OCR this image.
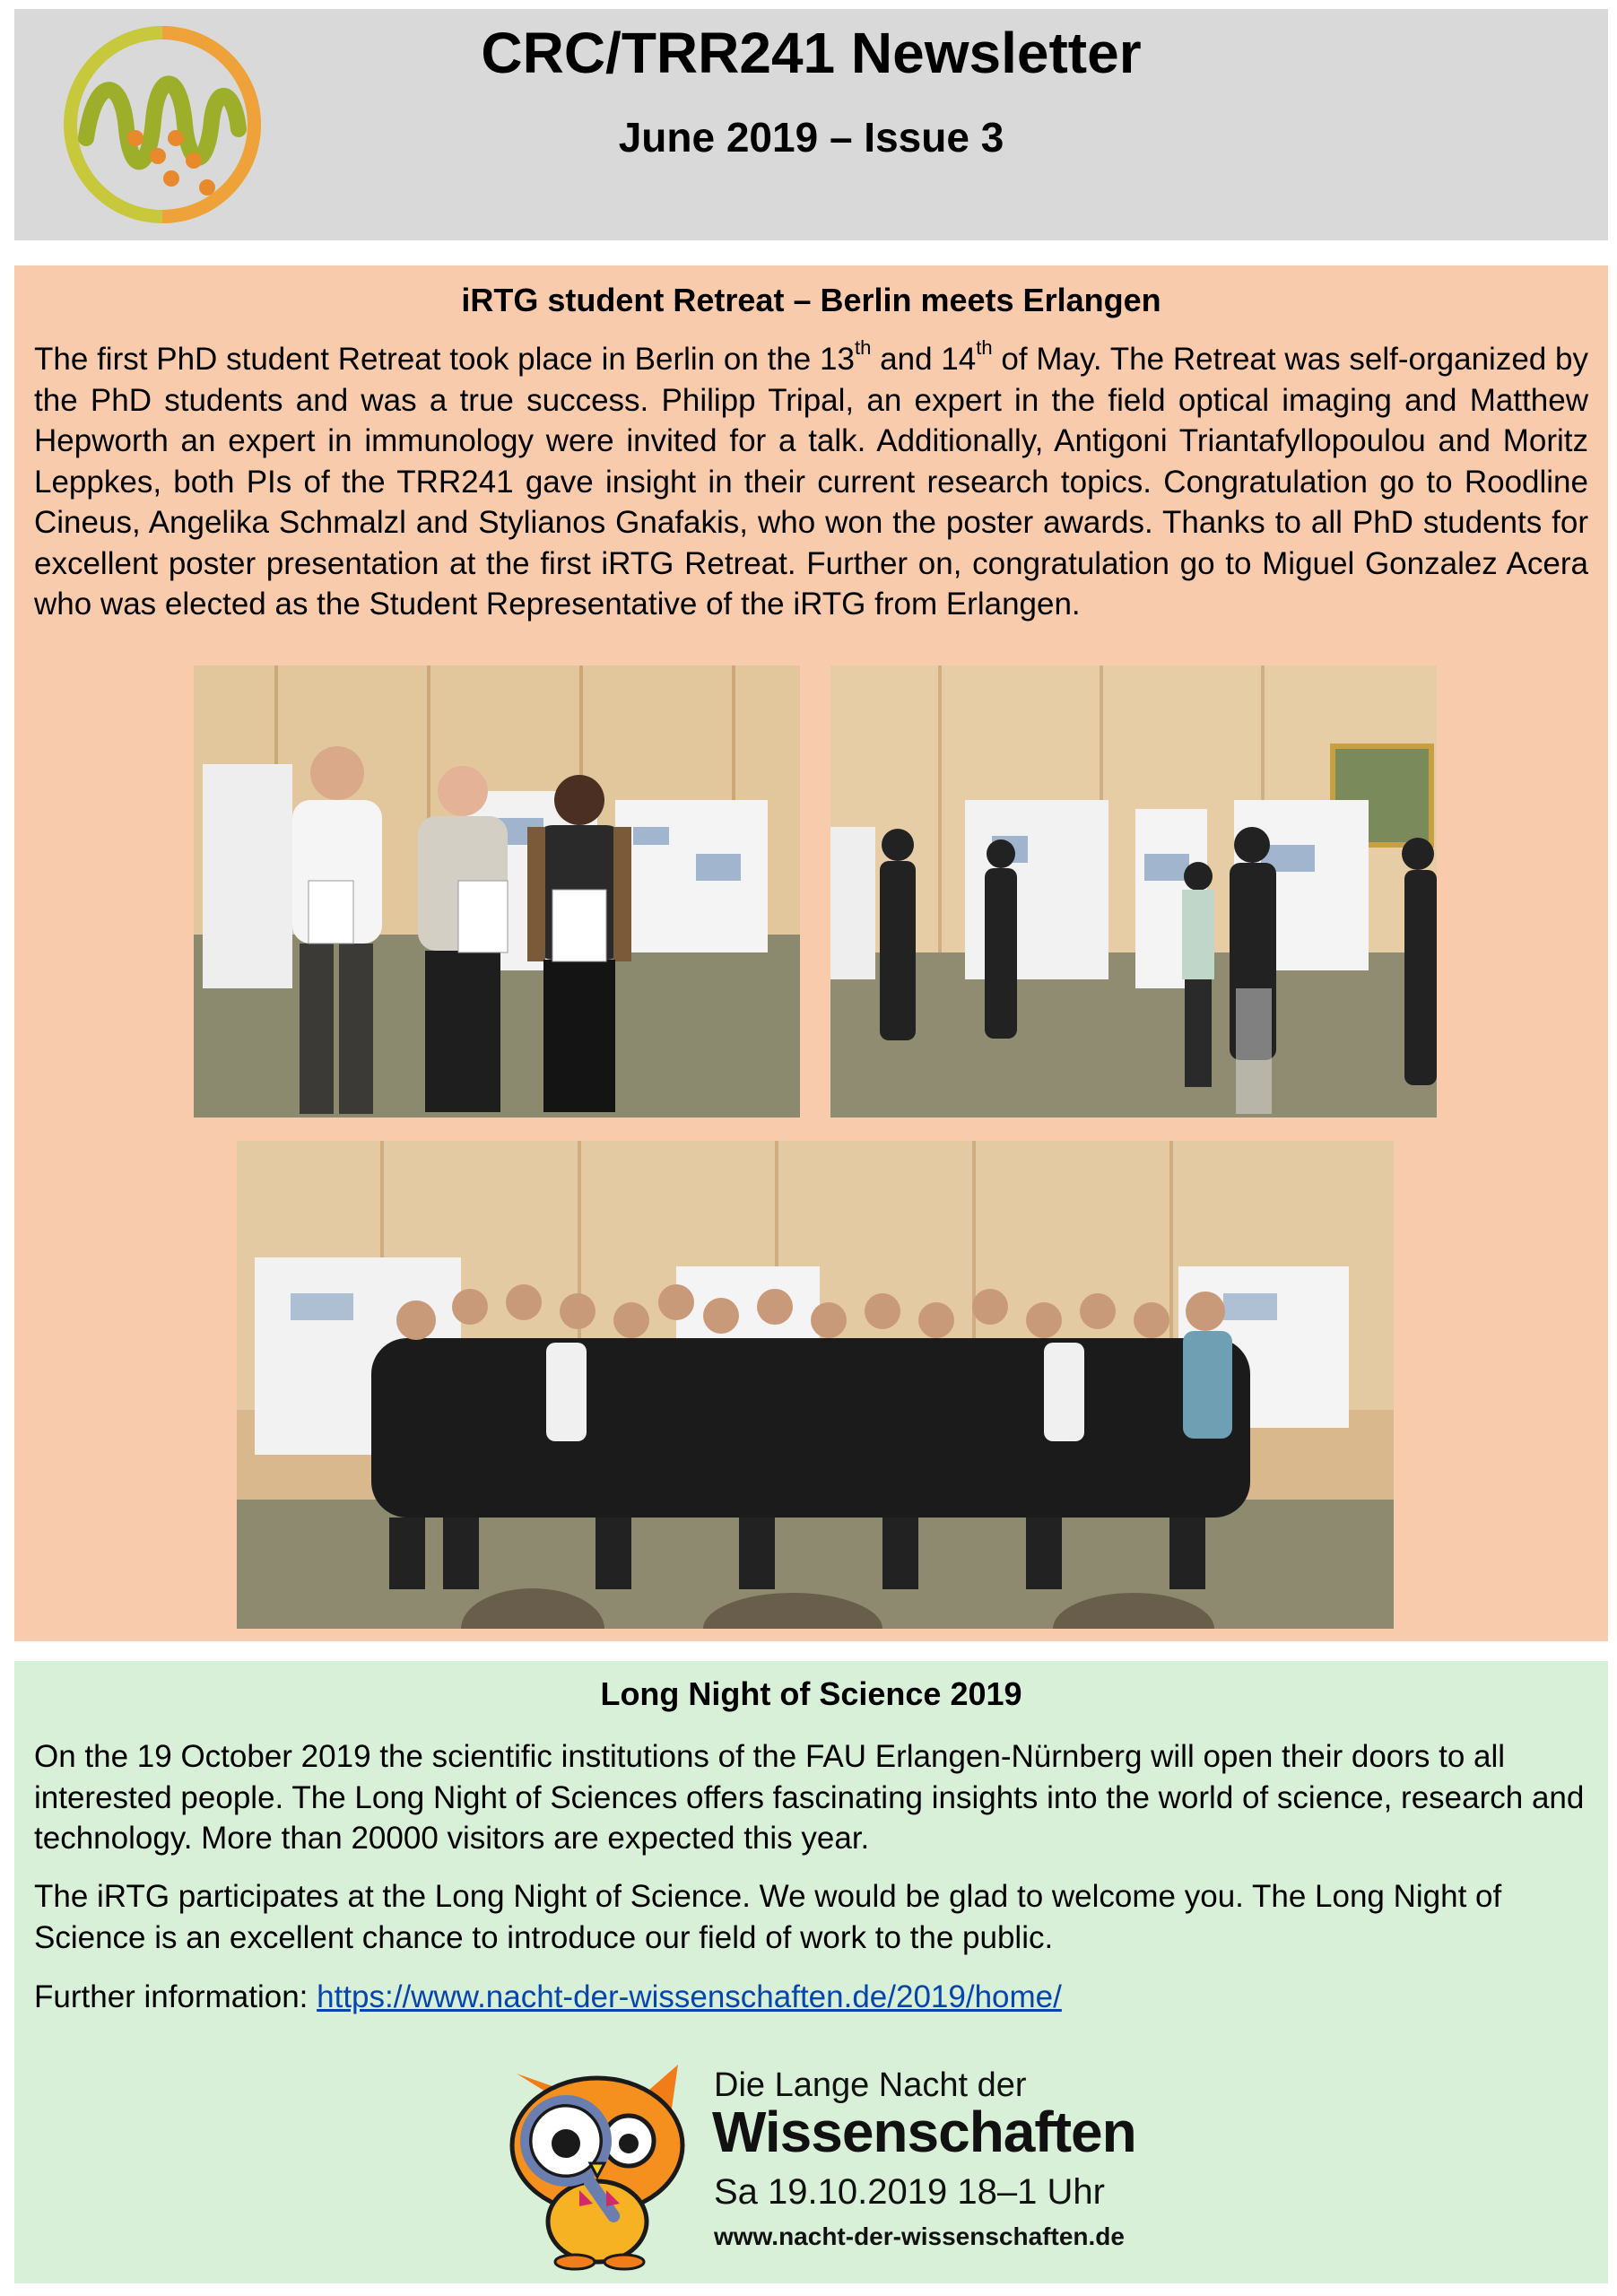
CRC/TRR241 Newsletter
June 2019 – Issue 3
iRTG student Retreat – Berlin meets Erlangen
The first PhD student Retreat took place in Berlin on the 13th and 14th of May. The Retreat was self-organized by the PhD students and was a true success. Philipp Tripal, an expert in the field optical imaging and Matthew Hepworth an expert in immunology were invited for a talk. Additionally, Antigoni Triantafyllopoulou and Moritz Leppkes, both PIs of the TRR241 gave insight in their current research topics. Congratulation go to Roodline Cineus, Angelika Schmalzl and Stylianos Gnafakis, who won the poster awards. Thanks to all PhD students for excellent poster presentation at the first iRTG Retreat. Further on, congratulation go to Miguel Gonzalez Acera who was elected as the Student Representative of the iRTG from Erlangen.
Long Night of Science 2019
On the 19 October 2019 the scientific institutions of the FAU Erlangen-Nürnberg will open their doors to all interested people. The Long Night of Sciences offers fascinating insights into the world of science, research and technology. More than 20000 visitors are expected this year.
The iRTG participates at the Long Night of Science. We would be glad to welcome you. The Long Night of Science is an excellent chance to introduce our field of work to the public.
Further information: https://www.nacht-der-wissenschaften.de/2019/home/
Die Lange Nacht der
Wissenschaften
Sa 19.10.2019 18–1 Uhr
www.nacht-der-wissenschaften.de
